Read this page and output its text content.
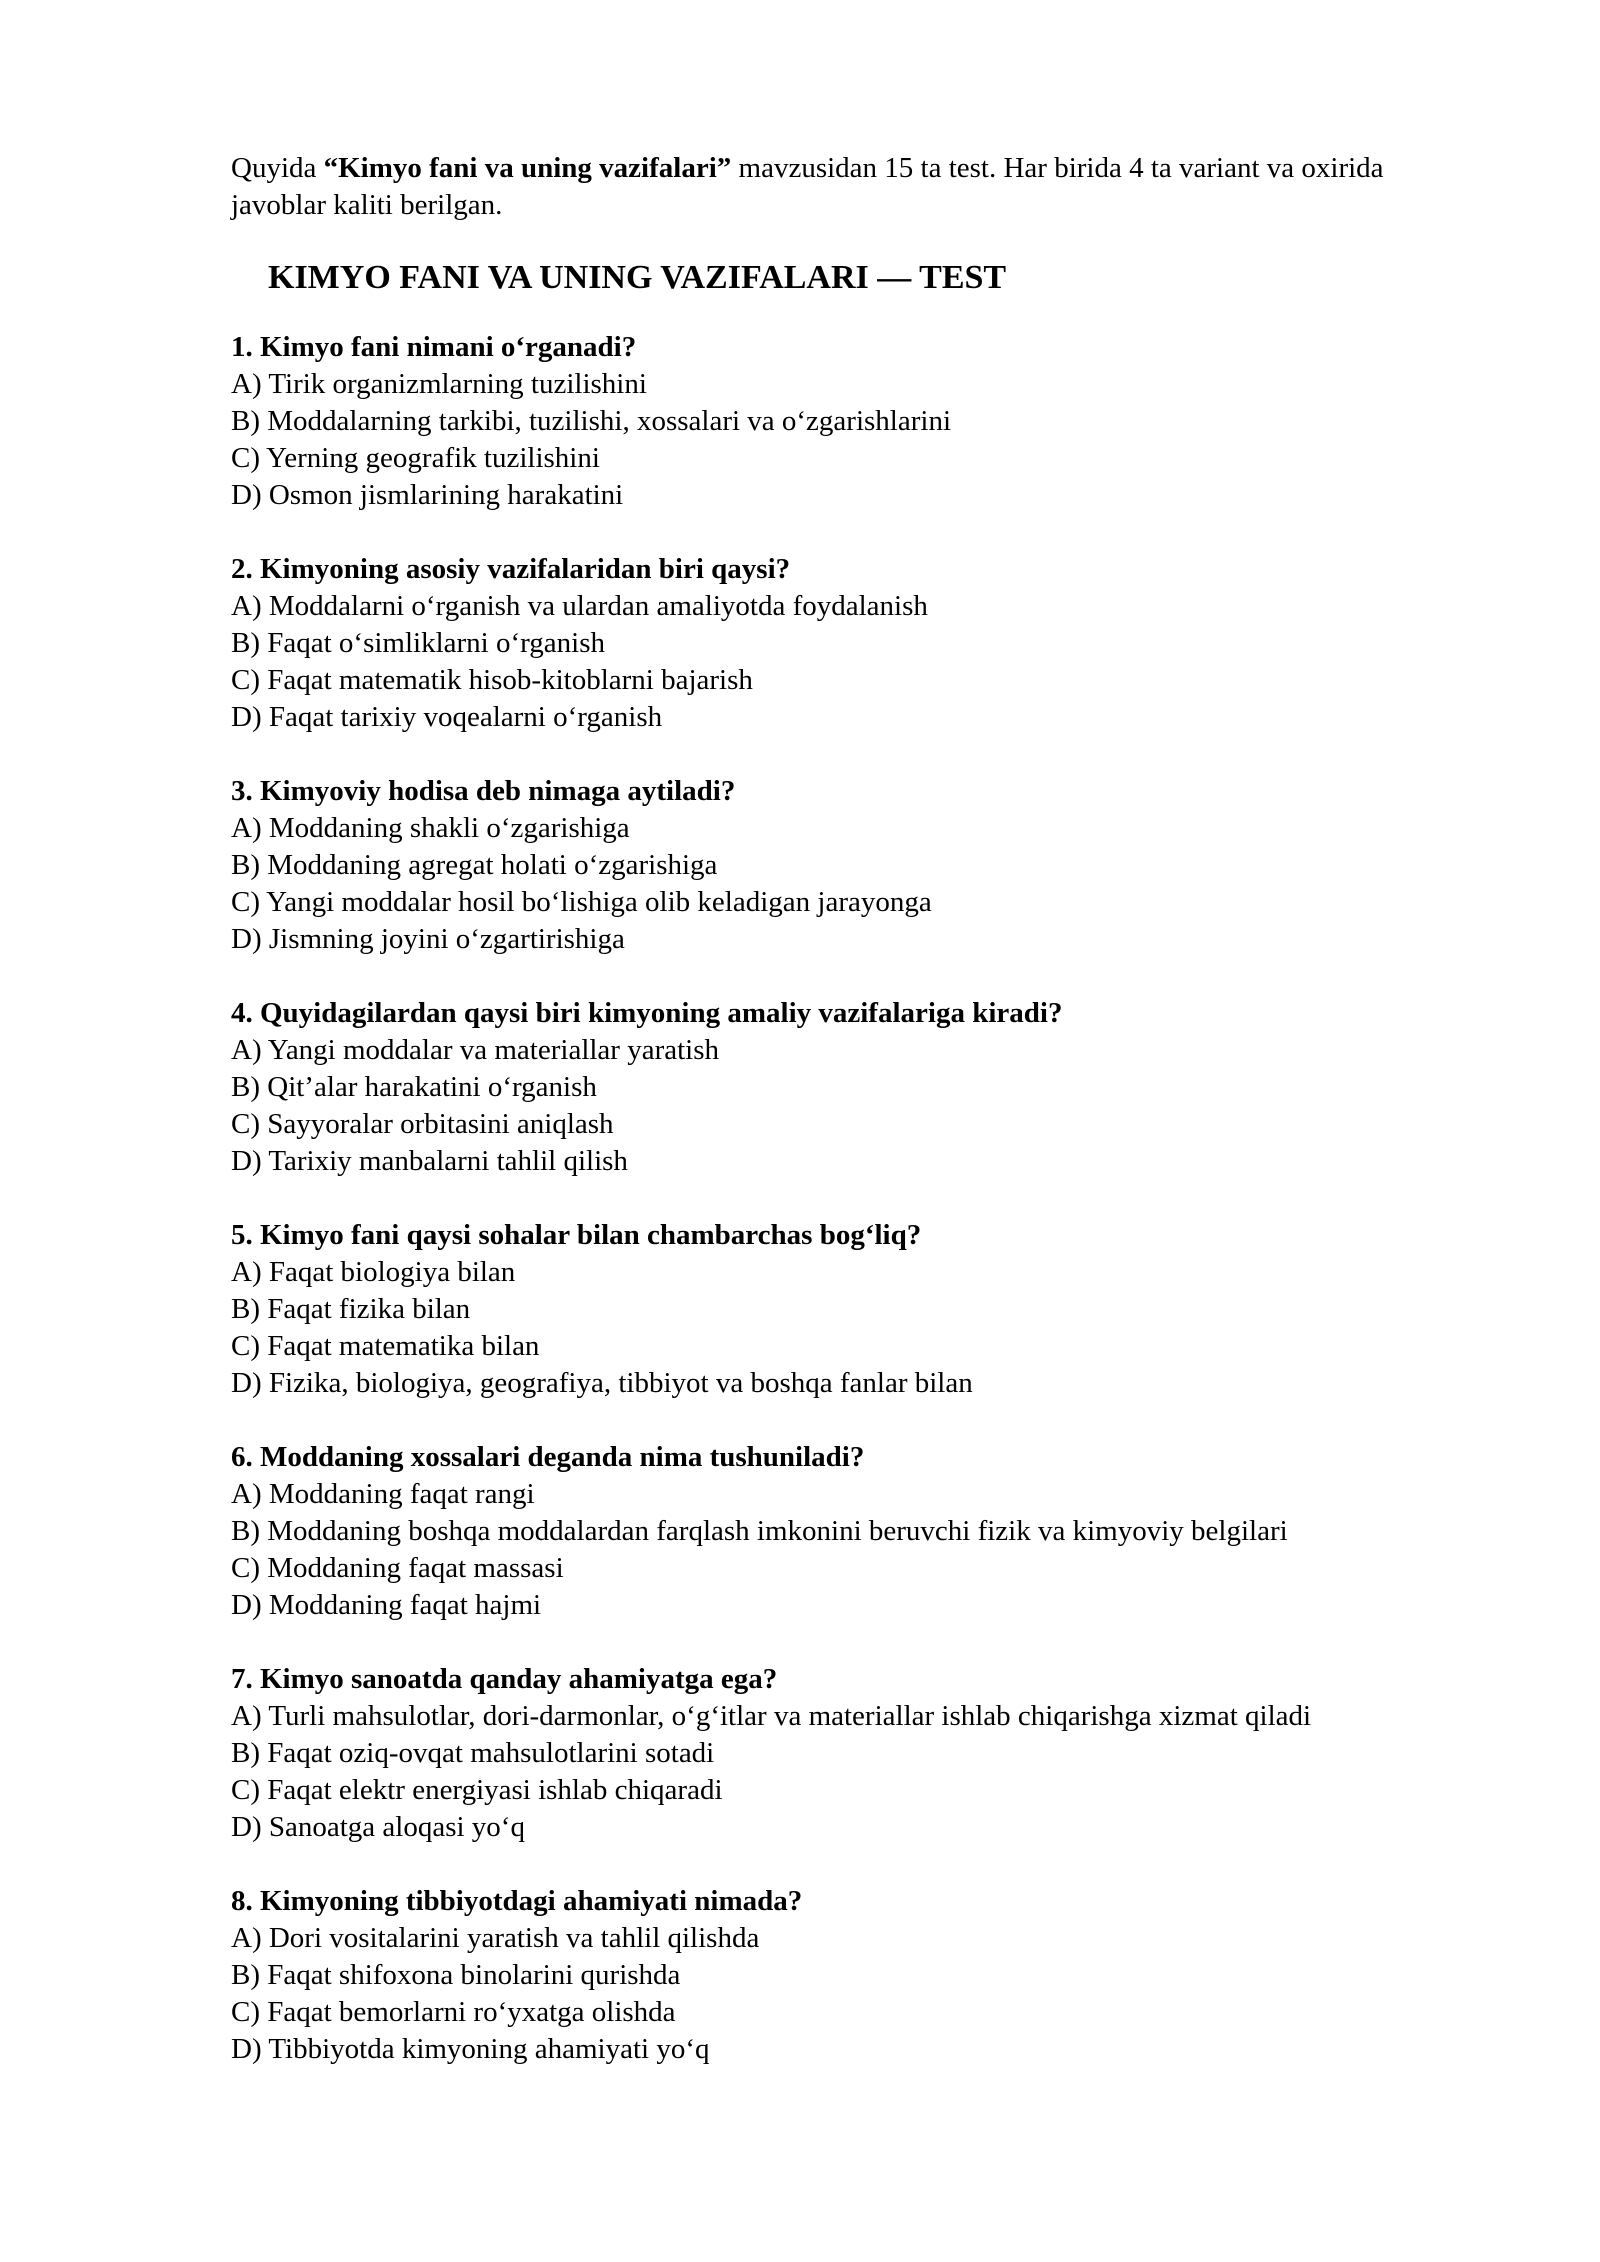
Quyida “Kimyo fani va uning vazifalari” mavzusidan 15 ta test. Har birida 4 ta variant va oxirida javoblar kaliti berilgan.

KIMYO FANI VA UNING VAZIFALARI — TEST

1. Kimyo fani nimani o‘rganadi?

A) Tirik organizmlarning tuzilishini

B) Moddalarning tarkibi, tuzilishi, xossalari va o‘zgarishlarini

C) Yerning geografik tuzilishini

D) Osmon jismlarining harakatini

2. Kimyoning asosiy vazifalaridan biri qaysi?

A) Moddalarni o‘rganish va ulardan amaliyotda foydalanish

B) Faqat o‘simliklarni o‘rganish

C) Faqat matematik hisob-kitoblarni bajarish

D) Faqat tarixiy voqealarni o‘rganish

3. Kimyoviy hodisa deb nimaga aytiladi?

A) Moddaning shakli o‘zgarishiga

B) Moddaning agregat holati o‘zgarishiga

C) Yangi moddalar hosil bo‘lishiga olib keladigan jarayonga

D) Jismning joyini o‘zgartirishiga

4. Quyidagilardan qaysi biri kimyoning amaliy vazifalariga kiradi?

A) Yangi moddalar va materiallar yaratish

B) Qit’alar harakatini o‘rganish

C) Sayyoralar orbitasini aniqlash

D) Tarixiy manbalarni tahlil qilish

5. Kimyo fani qaysi sohalar bilan chambarchas bog‘liq?

A) Faqat biologiya bilan

B) Faqat fizika bilan

C) Faqat matematika bilan

D) Fizika, biologiya, geografiya, tibbiyot va boshqa fanlar bilan

6. Moddaning xossalari deganda nima tushuniladi?

A) Moddaning faqat rangi

B) Moddaning boshqa moddalardan farqlash imkonini beruvchi fizik va kimyoviy belgilari

C) Moddaning faqat massasi

D) Moddaning faqat hajmi

7. Kimyo sanoatda qanday ahamiyatga ega?

A) Turli mahsulotlar, dori-darmonlar, o‘g‘itlar va materiallar ishlab chiqarishga xizmat qiladi

B) Faqat oziq-ovqat mahsulotlarini sotadi

C) Faqat elektr energiyasi ishlab chiqaradi

D) Sanoatga aloqasi yo‘q

8. Kimyoning tibbiyotdagi ahamiyati nimada?

A) Dori vositalarini yaratish va tahlil qilishda

B) Faqat shifoxona binolarini qurishda

C) Faqat bemorlarni ro‘yxatga olishda

D) Tibbiyotda kimyoning ahamiyati yo‘q
